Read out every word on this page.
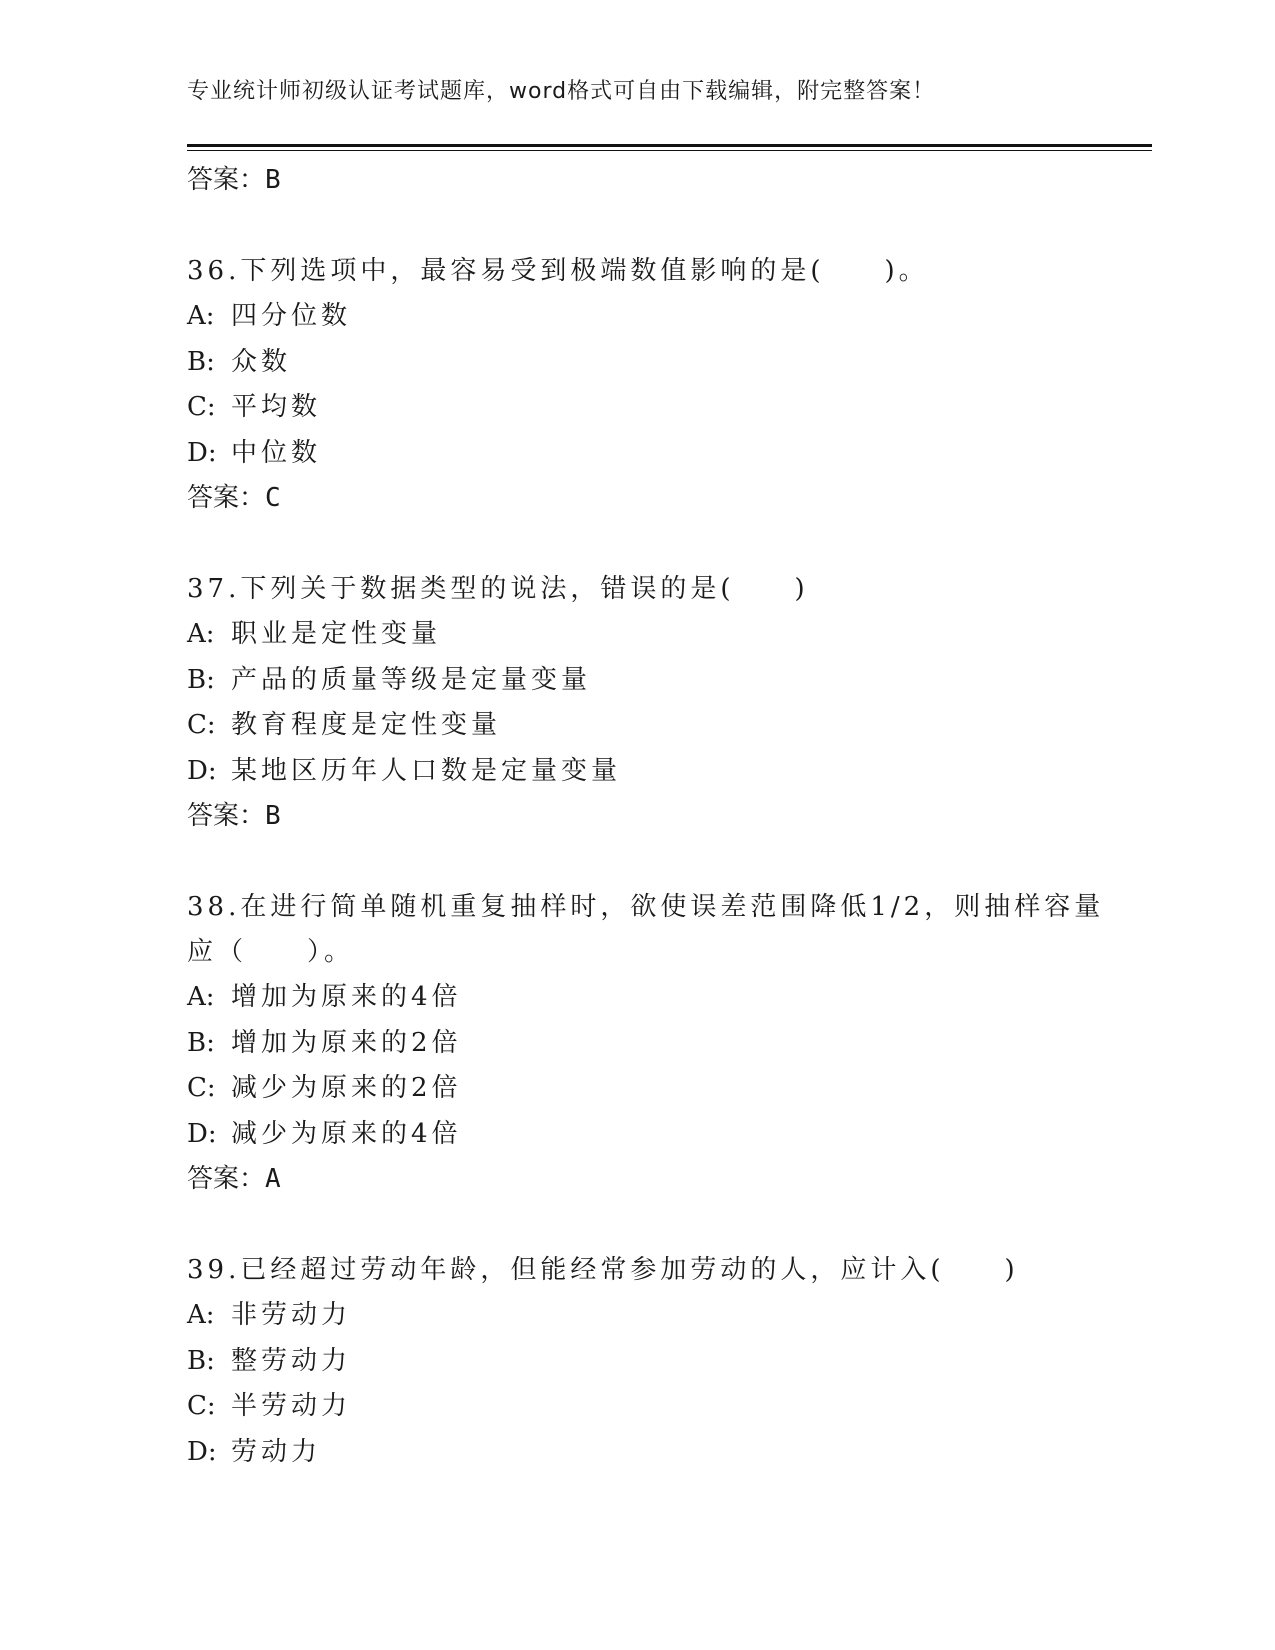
专业统计师初级认证考试题库，word格式可自由下载编辑，附完整答案！
答案：B
36.下列选项中，最容易受到极端数值影响的是(　　)。
A: 四分位数
B: 众数
C: 平均数
D: 中位数
答案：C
37.下列关于数据类型的说法，错误的是(　　)
A: 职业是定性变量
B: 产品的质量等级是定量变量
C: 教育程度是定性变量
D: 某地区历年人口数是定量变量
答案：B
38.在进行简单随机重复抽样时，欲使误差范围降低1/2，则抽样容量
应（　　）。
A: 增加为原来的4倍
B: 增加为原来的2倍
C: 减少为原来的2倍
D: 减少为原来的4倍
答案：A
39.已经超过劳动年龄，但能经常参加劳动的人，应计入(　　)
A: 非劳动力
B: 整劳动力
C: 半劳动力
D: 劳动力
